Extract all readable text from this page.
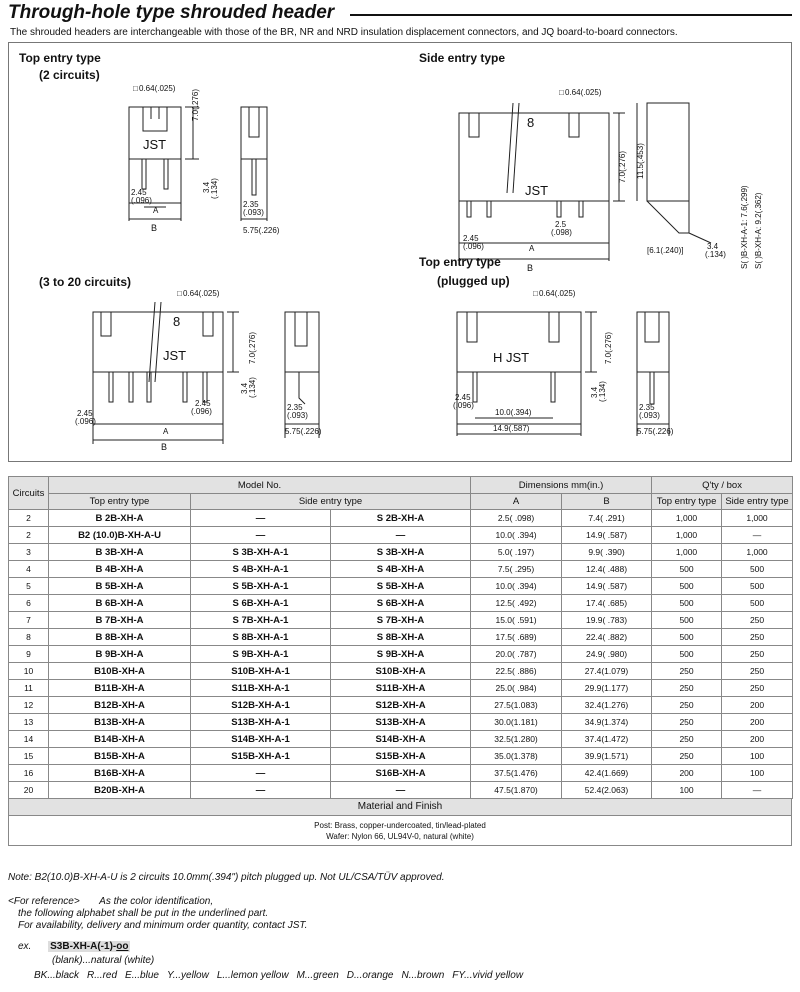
Through-hole type shrouded header
The shrouded headers are interchangeable with those of the BR, NR and NRD insulation displacement connectors, and JQ board-to-board connectors.
Top entry type
(2 circuits)
0.64(.025)
□
JST
7.0(.276)
3.4 (.134)
2.45
(.096)
A
B
2.35
(.093)
5.75(.226)
Side entry type
0.64(.025)
□
8
JST
7.0(.276) 11.5(.453)
2.45
(.096)
2.5
(.098)
A
B
[6.1(.240)]	3.4
(.134) S( )B-XH-A-1: 7.6(.299) S( )B-XH-A: 9.2(.362)
(3 to 20 circuits)
0.64(.025)
□
8
JST	7.0(.276)
3.4 (.134)
2.45
(.096)
2.45
(.096)
A
B
2.35
(.093)
5.75(.226)
Top entry type
(plugged up)
0.64(.025)
□
H JST	7.0(.276)
3.4 (.134)
2.45
(.096)
10.0(.394)
14.9(.587)
2.35
(.093)
5.75(.226)
Circuits	Model No.			Dimensions mm(in.)		Q'ty / box	
	Top entry type	Side entry type		A	B	Top entry type	Side entry type
2	B 2B-XH-A	—	S 2B-XH-A	2.5( .098)	7.4( .291)	1,000	1,000
2	B2 (10.0)B-XH-A-U	—	—	10.0( .394)	14.9( .587)	1,000	—
3	B 3B-XH-A	S 3B-XH-A-1	S 3B-XH-A	5.0( .197)	9.9( .390)	1,000	1,000
4	B 4B-XH-A	S 4B-XH-A-1	S 4B-XH-A	7.5( .295)	12.4( .488)	500	500
5	B 5B-XH-A	S 5B-XH-A-1	S 5B-XH-A	10.0( .394)	14.9( .587)	500	500
6	B 6B-XH-A	S 6B-XH-A-1	S 6B-XH-A	12.5( .492)	17.4( .685)	500	500
7	B 7B-XH-A	S 7B-XH-A-1	S 7B-XH-A	15.0( .591)	19.9( .783)	500	250
8	B 8B-XH-A	S 8B-XH-A-1	S 8B-XH-A	17.5( .689)	22.4( .882)	500	250
9	B 9B-XH-A	S 9B-XH-A-1	S 9B-XH-A	20.0( .787)	24.9( .980)	500	250
10	B10B-XH-A	S10B-XH-A-1	S10B-XH-A	22.5( .886)	27.4(1.079)	250	250
11	B11B-XH-A	S11B-XH-A-1	S11B-XH-A	25.0( .984)	29.9(1.177)	250	250
12	B12B-XH-A	S12B-XH-A-1	S12B-XH-A	27.5(1.083)	32.4(1.276)	250	200
13	B13B-XH-A	S13B-XH-A-1	S13B-XH-A	30.0(1.181)	34.9(1.374)	250	200
14	B14B-XH-A	S14B-XH-A-1	S14B-XH-A	32.5(1.280)	37.4(1.472)	250	200
15	B15B-XH-A	S15B-XH-A-1	S15B-XH-A	35.0(1.378)	39.9(1.571)	250	100
16	B16B-XH-A	—	S16B-XH-A	37.5(1.476)	42.4(1.669)	200	100
20	B20B-XH-A	—	—	47.5(1.870)	52.4(2.063)	100	—
Material and Finish
Post: Brass, copper-undercoated, tin/lead-plated
Wafer: Nylon 66, UL94V-0, natural (white)
Note: B2(10.0)B-XH-A-U is 2 circuits 10.0mm(.394") pitch plugged up. Not UL/CSA/TÜV approved.
<For reference> As the color identification,
the following alphabet shall be put in the underlined part.
For availability, delivery and minimum order quantity, contact JST.
ex. S3B-XH-A(-1)-oo
(blank)...natural (white)
BK...black R...red E...blue Y...yellow L...lemon yellow M...green D...orange N...brown FY...vivid yellow
